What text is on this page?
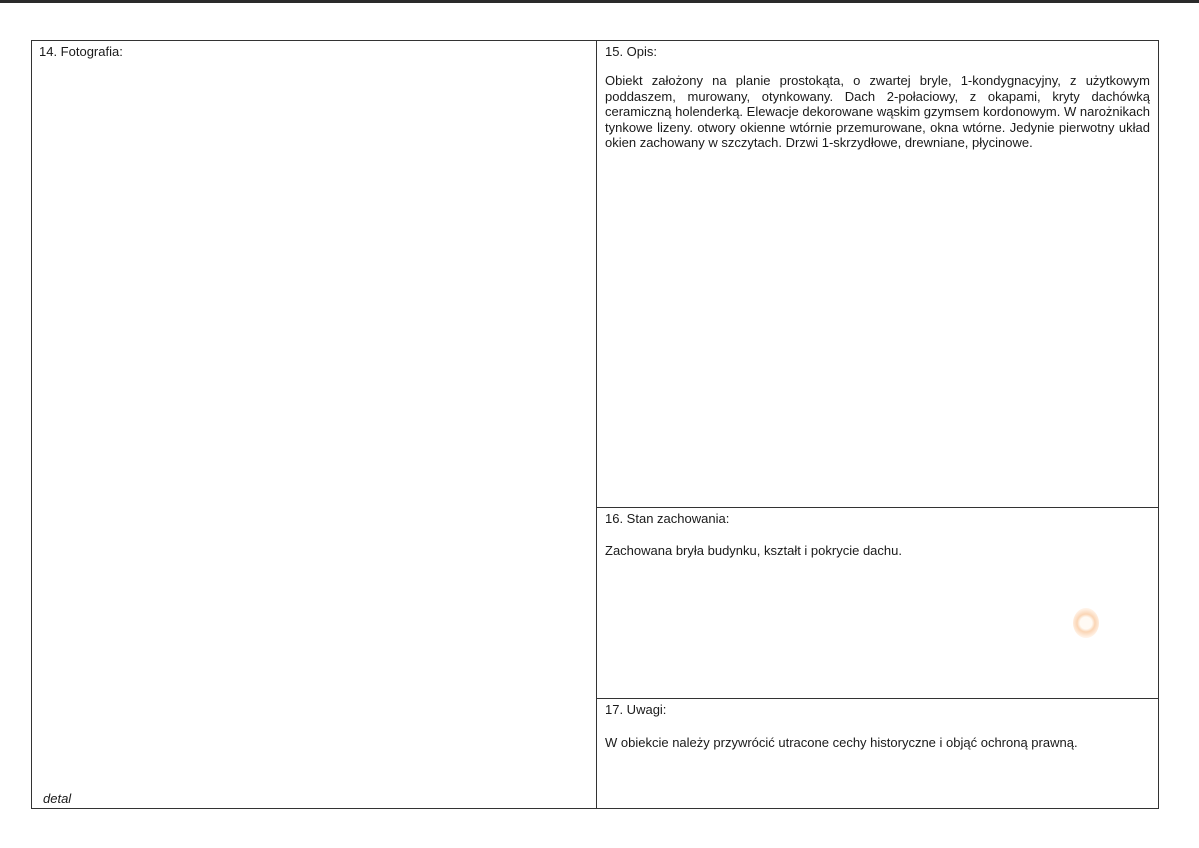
14. Fotografia:
detal
15. Opis:
Obiekt założony na planie prostokąta, o zwartej bryle, 1-kondygnacyjny, z użytkowym poddaszem, murowany, otynkowany. Dach 2-połaciowy, z okapami, kryty dachówką ceramiczną holenderką. Elewacje dekorowane wąskim gzymsem kordonowym. W narożnikach tynkowe lizeny. otwory okienne wtórnie przemurowane, okna wtórne. Jedynie pierwotny układ okien zachowany w szczytach. Drzwi 1-skrzydłowe, drewniane, płycinowe.
16. Stan zachowania:
Zachowana bryła budynku, kształt i pokrycie dachu.
17. Uwagi:
W obiekcie należy przywrócić utracone cechy historyczne i objąć ochroną prawną.
